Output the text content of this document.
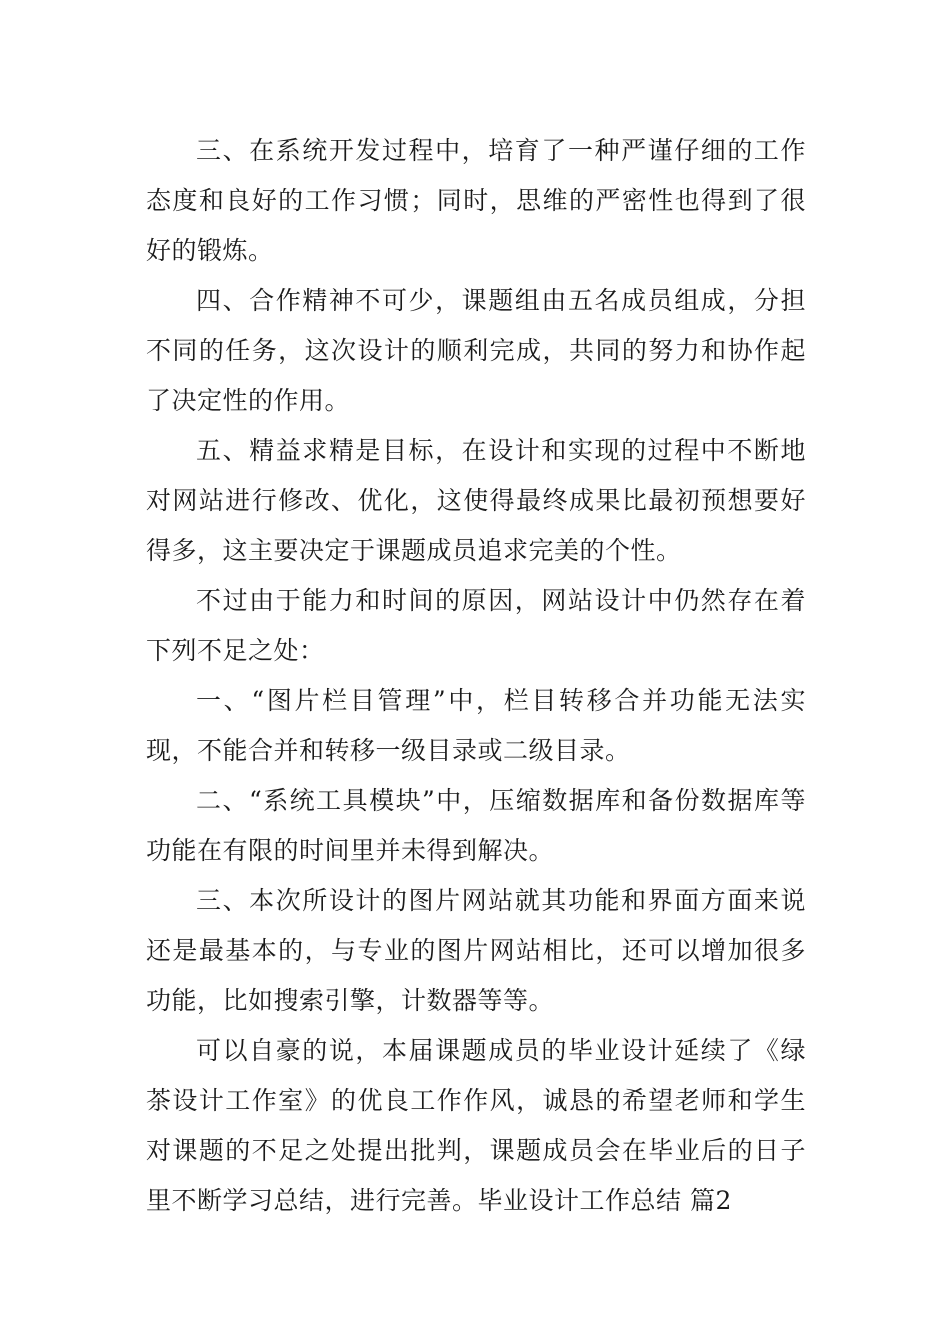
三、在系统开发过程中，培育了一种严谨仔细的工作态度和良好的工作习惯；同时，思维的严密性也得到了很好的锻炼。

四、合作精神不可少，课题组由五名成员组成，分担不同的任务，这次设计的顺利完成，共同的努力和协作起了决定性的作用。

五、精益求精是目标，在设计和实现的过程中不断地对网站进行修改、优化，这使得最终成果比最初预想要好得多，这主要决定于课题成员追求完美的个性。

不过由于能力和时间的原因，网站设计中仍然存在着下列不足之处：

一、“图片栏目管理”中，栏目转移合并功能无法实现，不能合并和转移一级目录或二级目录。

二、“系统工具模块”中，压缩数据库和备份数据库等功能在有限的时间里并未得到解决。

三、本次所设计的图片网站就其功能和界面方面来说还是最基本的，与专业的图片网站相比，还可以增加很多功能，比如搜索引擎，计数器等等。

可以自豪的说，本届课题成员的毕业设计延续了《绿茶设计工作室》的优良工作作风，诚恳的希望老师和学生对课题的不足之处提出批判，课题成员会在毕业后的日子里不断学习总结，进行完善。毕业设计工作总结 篇2
